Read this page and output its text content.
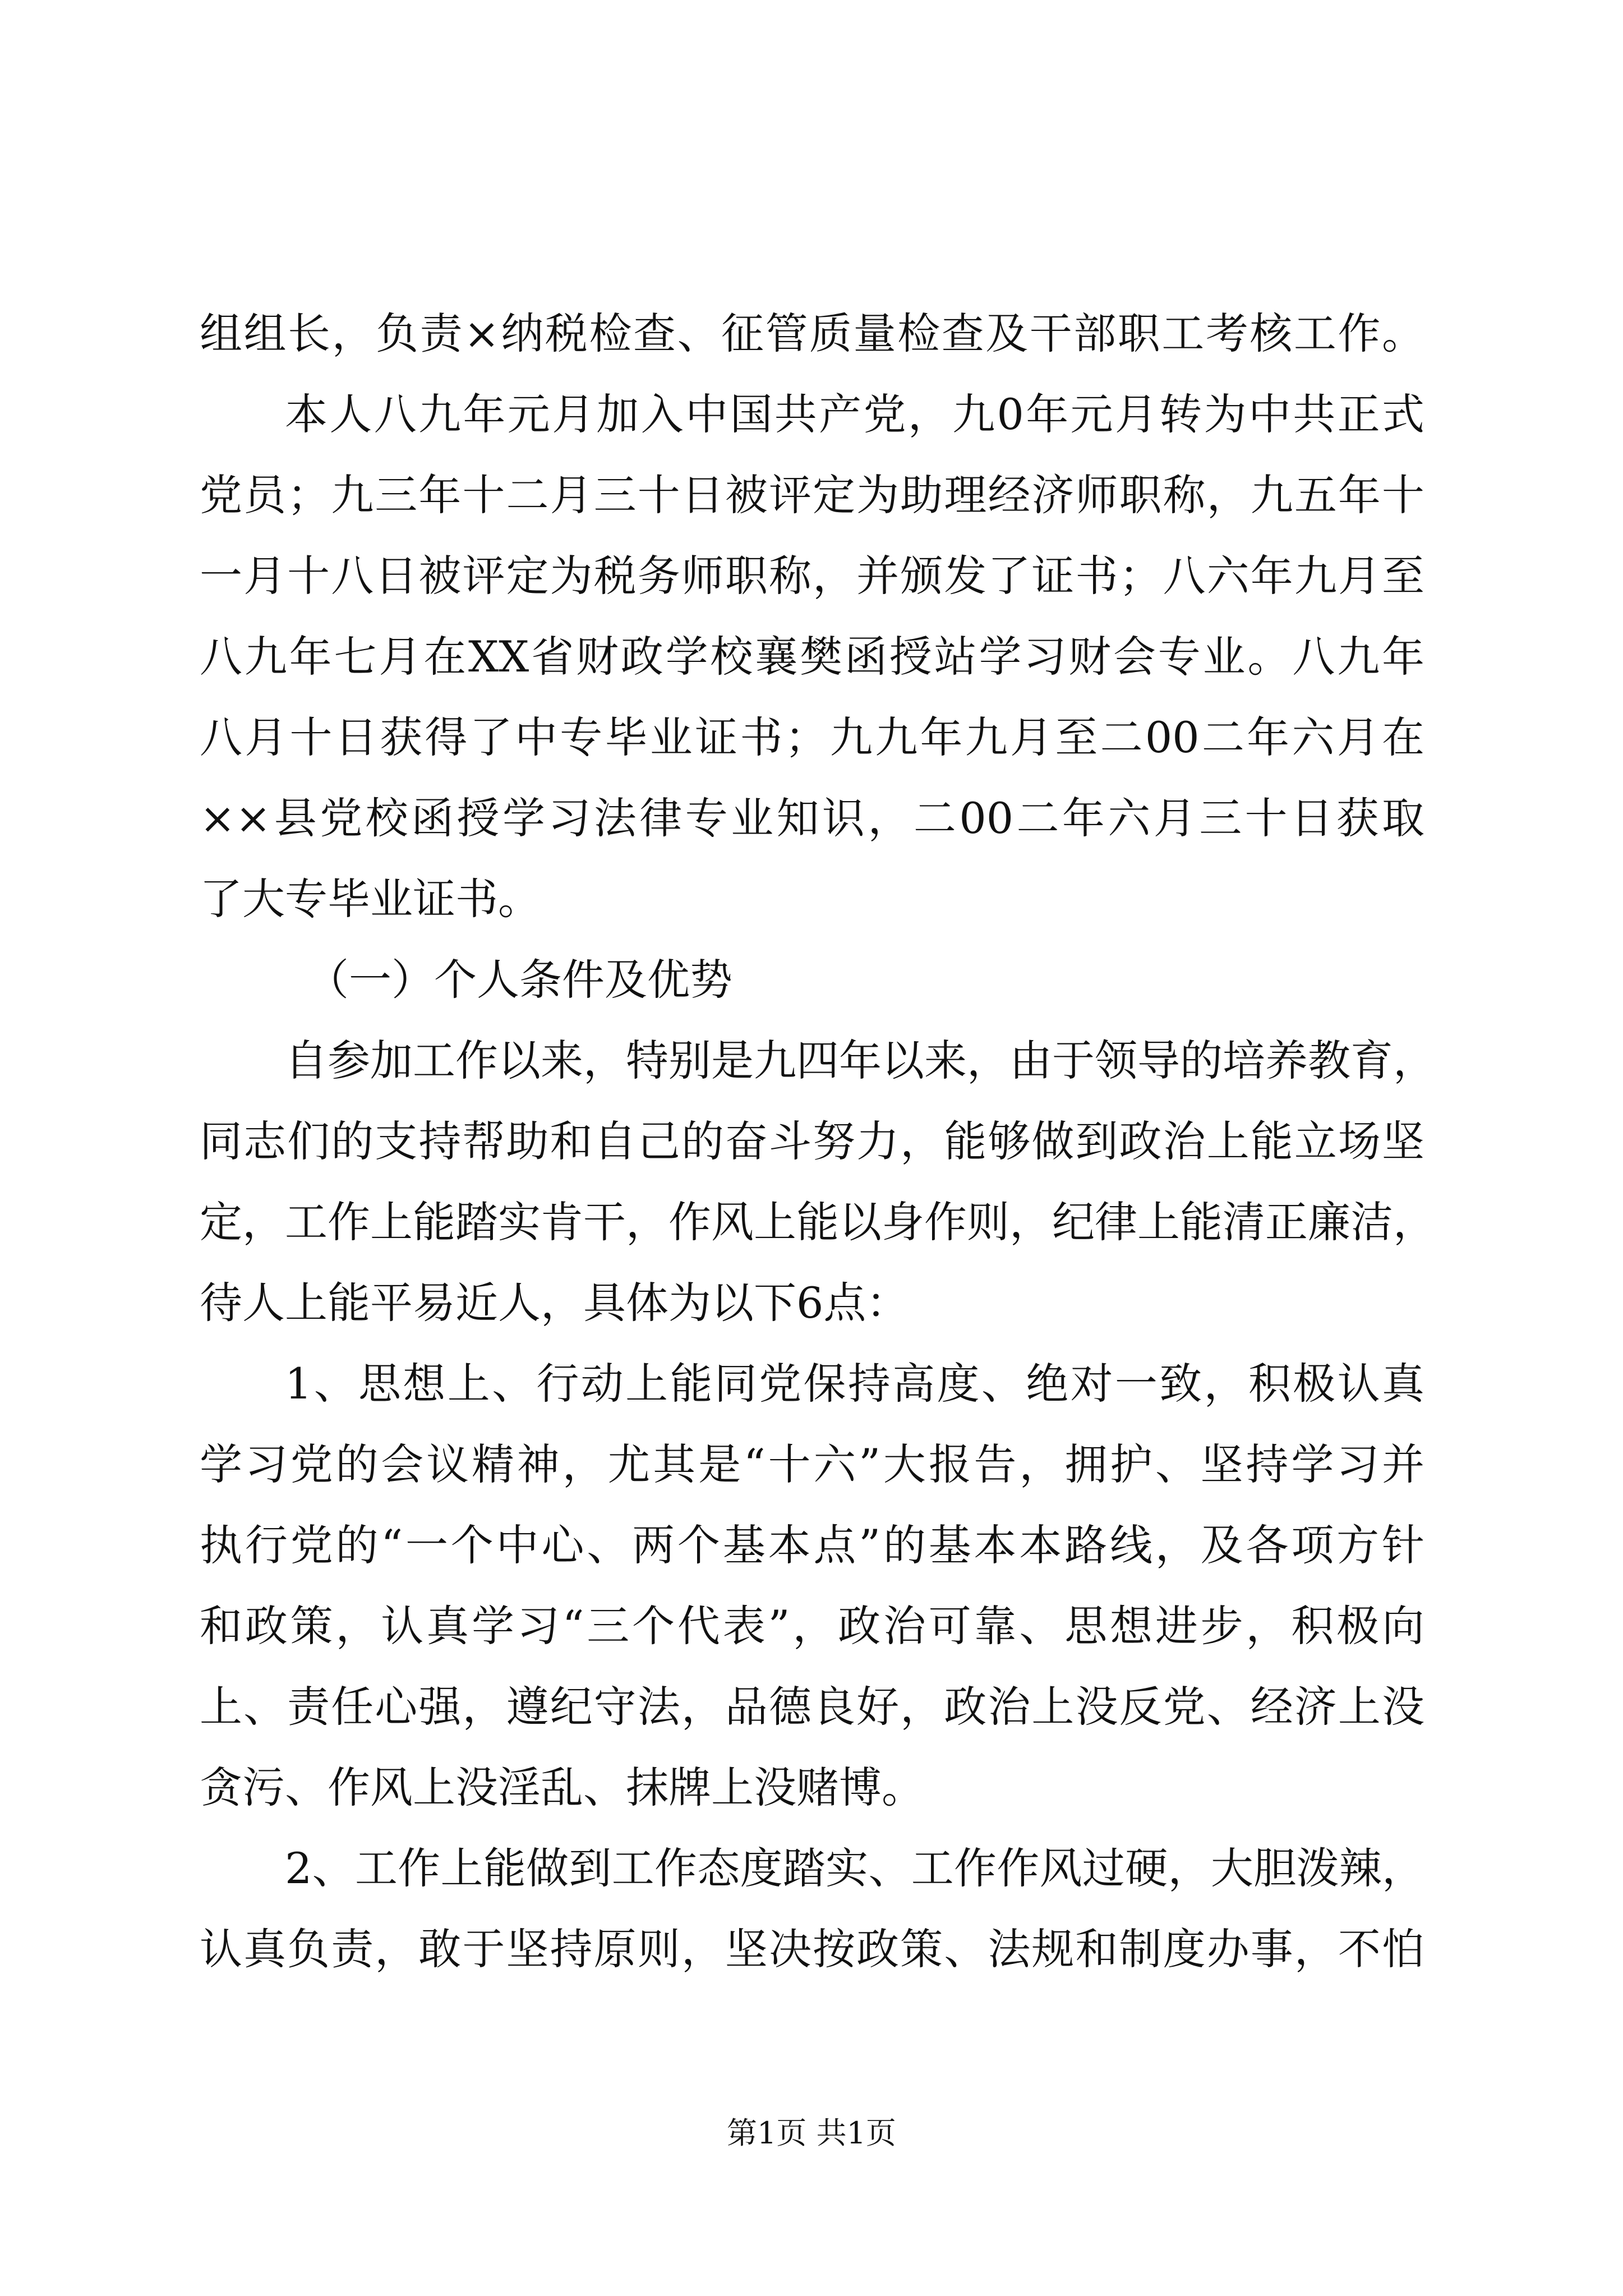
组组长，负责×纳税检查、征管质量检查及干部职工考核工作。
本人八九年元月加入中国共产党，九0年元月转为中共正式
党员；九三年十二月三十日被评定为助理经济师职称，九五年十
一月十八日被评定为税务师职称，并颁发了证书；八六年九月至
八九年七月在XX省财政学校襄樊函授站学习财会专业。八九年
八月十日获得了中专毕业证书；九九年九月至二00二年六月在
××县党校函授学习法律专业知识，二00二年六月三十日获取
了大专毕业证书。
（一）个人条件及优势
自参加工作以来，特别是九四年以来，由于领导的培养教育，
同志们的支持帮助和自己的奋斗努力，能够做到政治上能立场坚
定，工作上能踏实肯干，作风上能以身作则，纪律上能清正廉洁，
待人上能平易近人，具体为以下6点：
1、思想上、行动上能同党保持高度、绝对一致，积极认真
学习党的会议精神，尤其是“十六”大报告，拥护、坚持学习并
执行党的“一个中心、两个基本点”的基本本路线，及各项方针
和政策，认真学习“三个代表”，政治可靠、思想进步，积极向
上、责任心强，遵纪守法，品德良好，政治上没反党、经济上没
贪污、作风上没淫乱、抹牌上没赌博。
2、工作上能做到工作态度踏实、工作作风过硬，大胆泼辣，
认真负责，敢于坚持原则，坚决按政策、法规和制度办事，不怕
第1页 共1页
